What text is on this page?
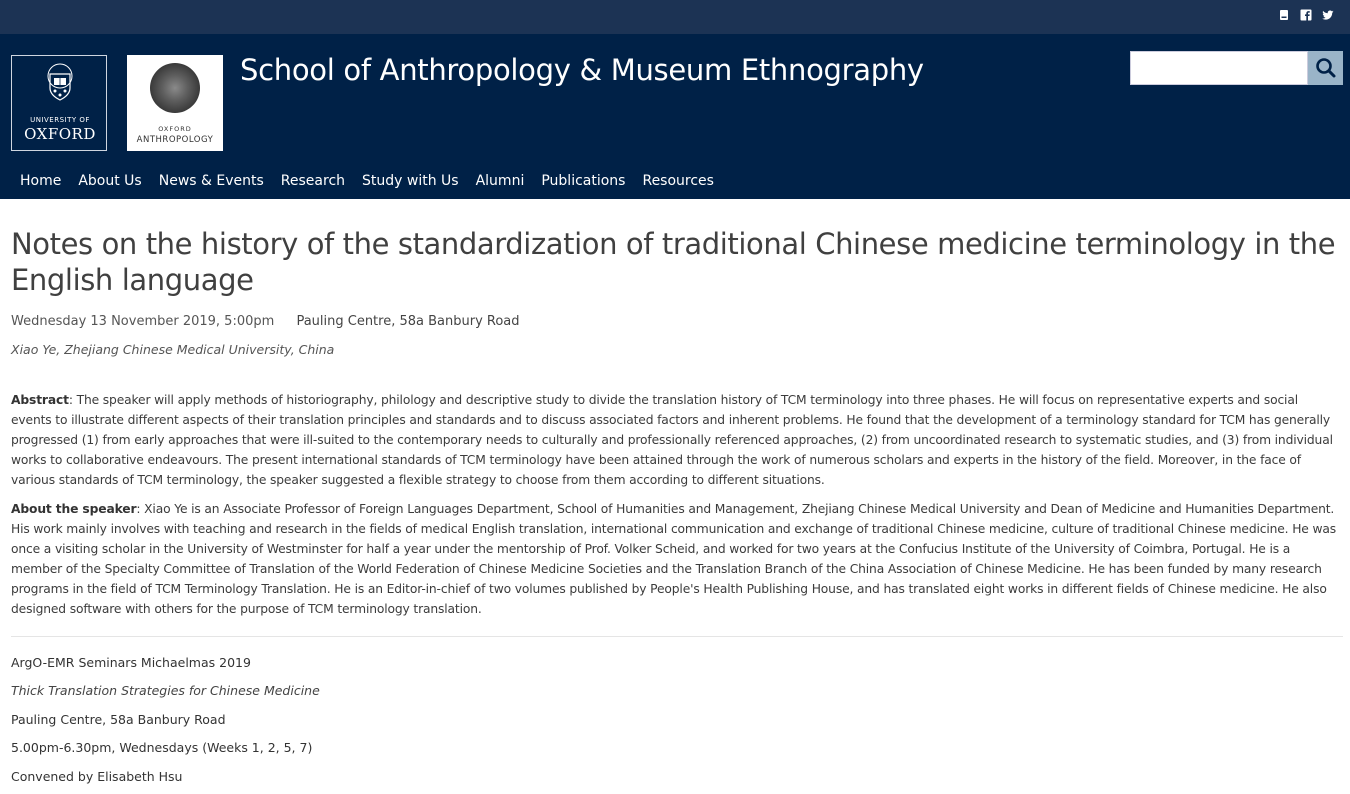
UNIVERSITY OF
OXFORD	OXFORD
ANTHROPOLOGY
School of Anthropology & Museum Ethnography
Home	About Us	News & Events	Research	Study with Us	Alumni	Publications	Resources
Notes on the history of the standardization of traditional Chinese medicine terminology in the English language
Wednesday 13 November 2019, 5:00pm Pauling Centre, 58a Banbury Road
Xiao Ye, Zhejiang Chinese Medical University, China

Abstract: The speaker will apply methods of historiography, philology and descriptive study to divide the translation history of TCM terminology into three phases. He will focus on representative experts and social events to illustrate different aspects of their translation principles and standards and to discuss associated factors and inherent problems. He found that the development of a terminology standard for TCM has generally progressed (1) from early approaches that were ill-suited to the contemporary needs to culturally and professionally referenced approaches, (2) from uncoordinated research to systematic studies, and (3) from individual works to collaborative endeavours. The present international standards of TCM terminology have been attained through the work of numerous scholars and experts in the history of the field. Moreover, in the face of various standards of TCM terminology, the speaker suggested a flexible strategy to choose from them according to different situations.

About the speaker: Xiao Ye is an Associate Professor of Foreign Languages Department, School of Humanities and Management, Zhejiang Chinese Medical University and Dean of Medicine and Humanities Department. His work mainly involves with teaching and research in the fields of medical English translation, international communication and exchange of traditional Chinese medicine, culture of traditional Chinese medicine. He was once a visiting scholar in the University of Westminster for half a year under the mentorship of Prof. Volker Scheid, and worked for two years at the Confucius Institute of the University of Coimbra, Portugal. He is a member of the Specialty Committee of Translation of the World Federation of Chinese Medicine Societies and the Translation Branch of the China Association of Chinese Medicine. He has been funded by many research programs in the field of TCM Terminology Translation. He is an Editor-in-chief of two volumes published by People's Health Publishing House, and has translated eight works in different fields of Chinese medicine. He also designed software with others for the purpose of TCM terminology translation.

ArgO-EMR Seminars Michaelmas 2019
Thick Translation Strategies for Chinese Medicine
Pauling Centre, 58a Banbury Road
5.00pm-6.30pm, Wednesdays (Weeks 1, 2, 5, 7)
Convened by Elisabeth Hsu
